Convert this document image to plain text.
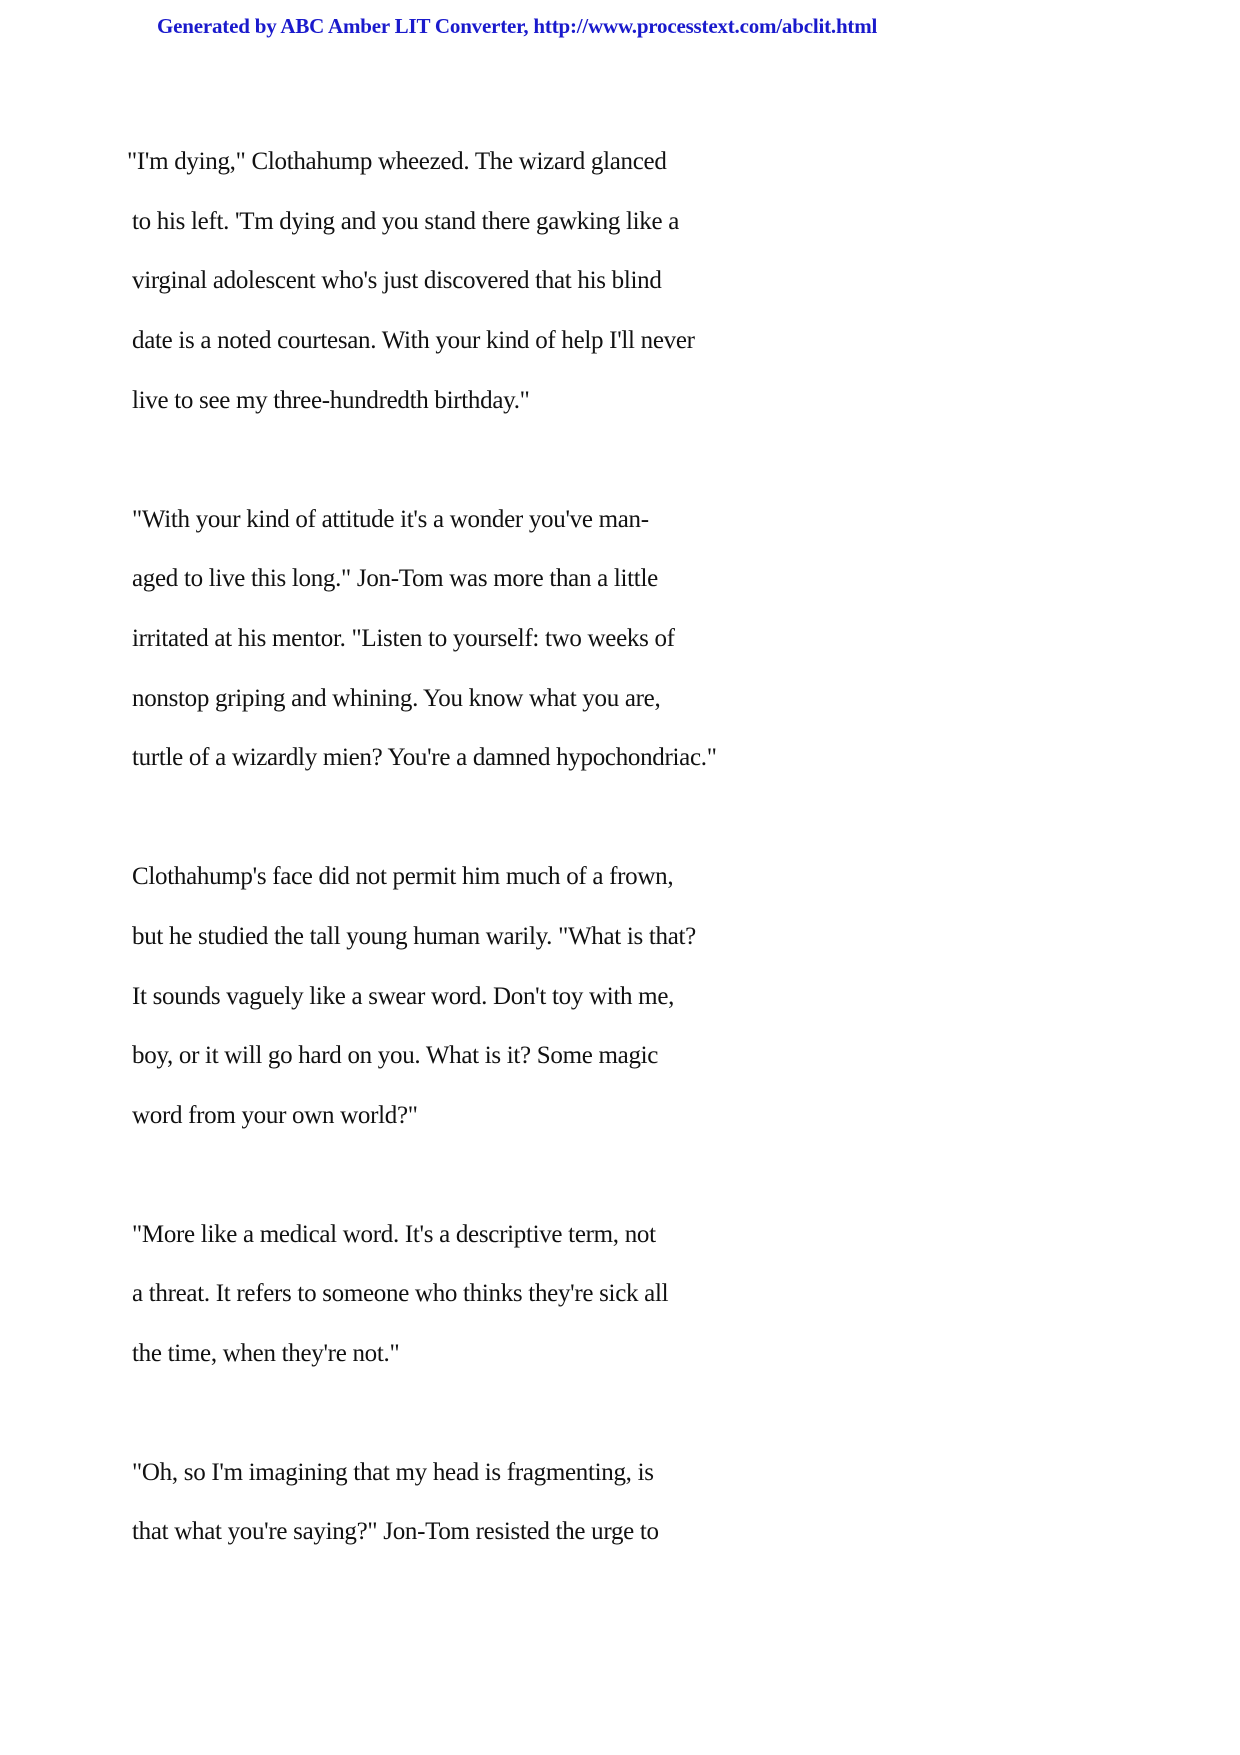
Generated by ABC Amber LIT Converter, http://www.processtext.com/abclit.html
"I'm dying," Clothahump wheezed. The wizard glanced
to his left. 'Tm dying and you stand there gawking like a
virginal adolescent who's just discovered that his blind
date is a noted courtesan. With your kind of help I'll never
live to see my three-hundredth birthday."
"With your kind of attitude it's a wonder you've man-
aged to live this long." Jon-Tom was more than a little
irritated at his mentor. "Listen to yourself: two weeks of
nonstop griping and whining. You know what you are,
turtle of a wizardly mien? You're a damned hypochondriac."
Clothahump's face did not permit him much of a frown,
but he studied the tall young human warily. "What is that?
It sounds vaguely like a swear word. Don't toy with me,
boy, or it will go hard on you. What is it? Some magic
word from your own world?"
"More like a medical word. It's a descriptive term, not
a threat. It refers to someone who thinks they're sick all
the time, when they're not."
"Oh, so I'm imagining that my head is fragmenting, is
that what you're saying?" Jon-Tom resisted the urge to
